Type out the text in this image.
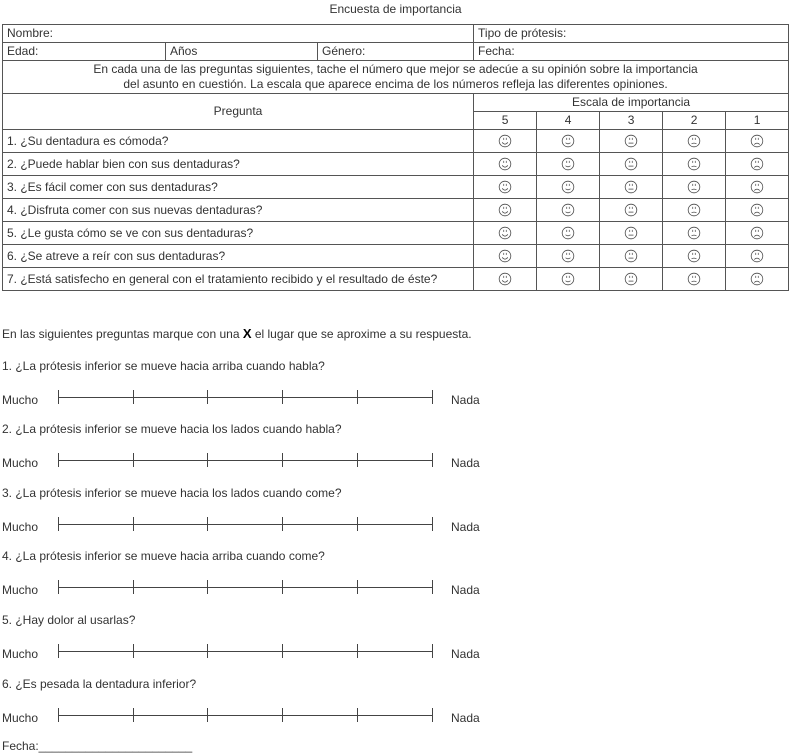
Encuesta de importancia
Nombre:			Tipo de prótesis:				
Edad:	Años	Género:	Fecha:				

En cada una de las preguntas siguientes, tache el número que mejor se adecúe a su opinión sobre la importancia
del asunto en cuestión. La escala que aparece encima de los números refleja las diferentes opiniones.							

Pregunta			Escala de importancia				
			5	4	3	2	1
1. ¿Su dentadura es cómoda?	

2. ¿Puede hablar bien con sus dentaduras?	

3. ¿Es fácil comer con sus dentaduras?	

4. ¿Disfruta comer con sus nuevas dentaduras?	

5. ¿Le gusta cómo se ve con sus dentaduras?	

6. ¿Se atreve a reír con sus dentaduras?	

7. ¿Está satisfecho en general con el tratamiento recibido y el resultado de éste?	

En las siguientes preguntas marque con una X el lugar que se aproxime a su respuesta.
1. ¿La prótesis inferior se mueve hacia arriba cuando habla?
Mucho	Nada
2. ¿La prótesis inferior se mueve hacia los lados cuando habla?
Mucho	Nada
3. ¿La prótesis inferior se mueve hacia los lados cuando come?
Mucho	Nada
4. ¿La prótesis inferior se mueve hacia arriba cuando come?
Mucho	Nada
5. ¿Hay dolor al usarlas?
Mucho	Nada
6. ¿Es pesada la dentadura inferior?
Mucho	Nada
Fecha:_______________________
